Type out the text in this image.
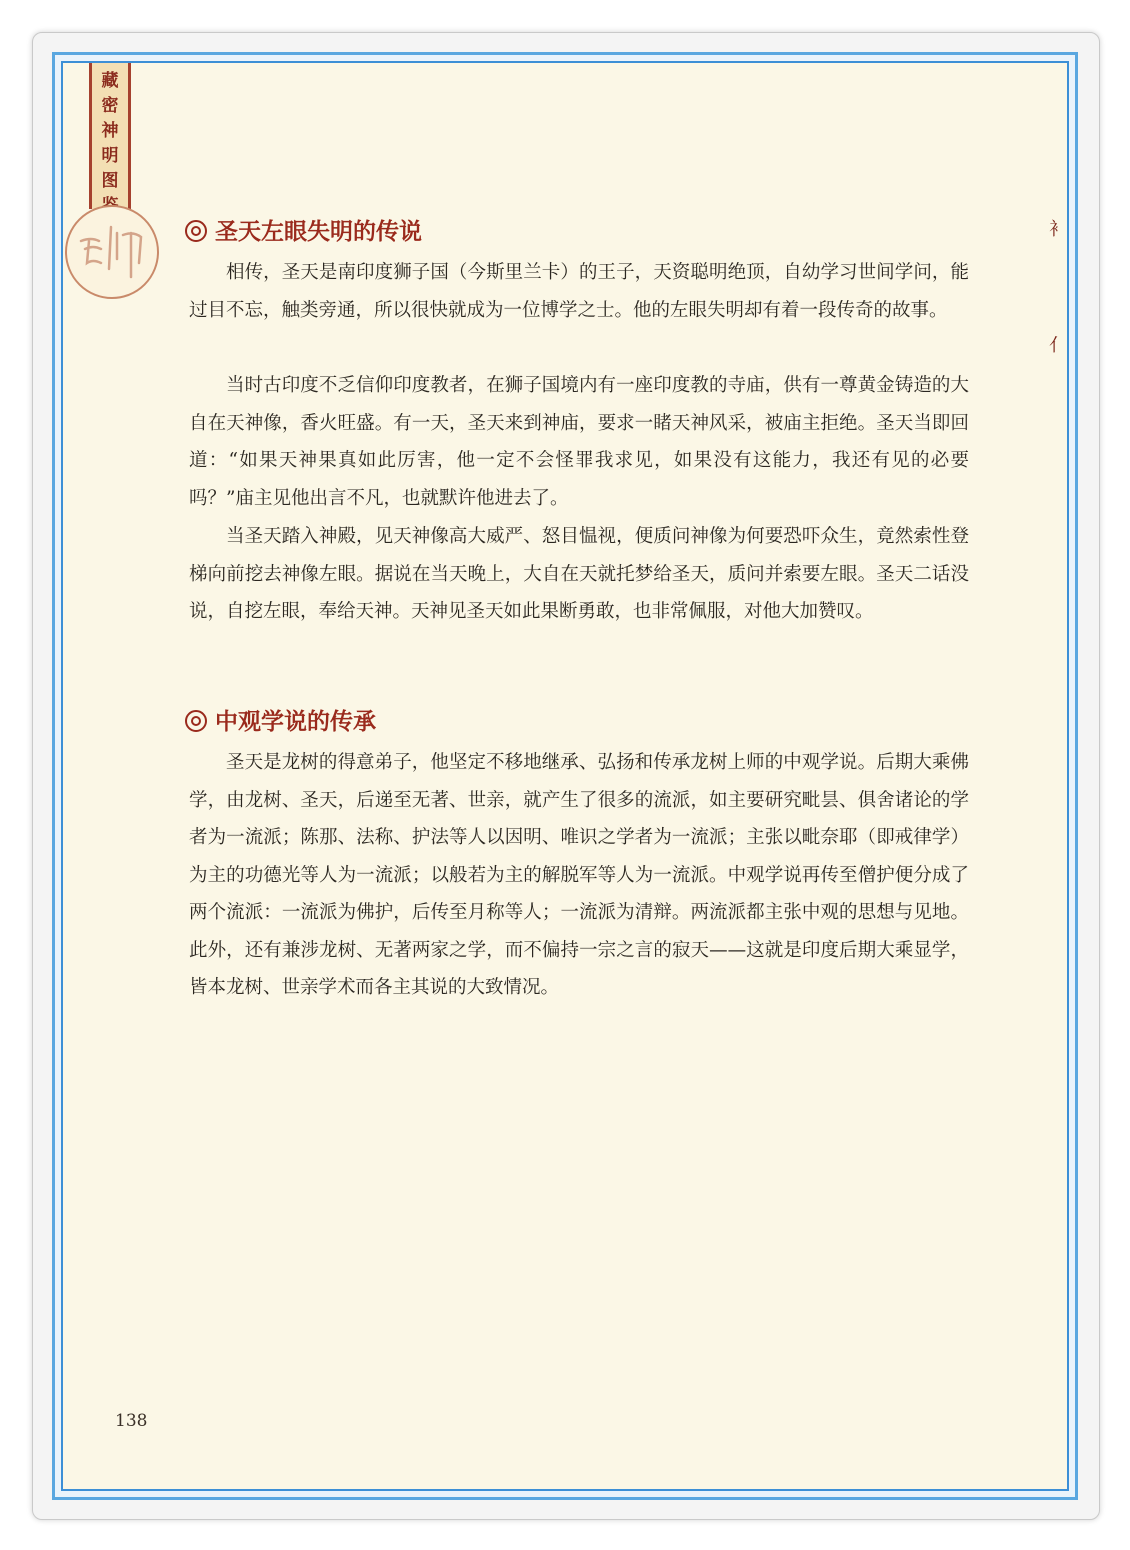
藏
密
神
明
图
圣天左眼失明的传说

相传，圣天是南印度狮子国（今斯里兰卡）的王子，天资聪明绝顶，自幼学习世间学问，能过目不忘，触类旁通，所以很快就成为一位博学之士。他的左眼失明却有着一段传奇的故事。

当时古印度不乏信仰印度教者，在狮子国境内有一座印度教的寺庙，供有一尊黄金铸造的大自在天神像，香火旺盛。有一天，圣天来到神庙，要求一睹天神风采，被庙主拒绝。圣天当即回道：“如果天神果真如此厉害，他一定不会怪罪我求见，如果没有这能力，我还有见的必要吗？”庙主见他出言不凡，也就默许他进去了。

当圣天踏入神殿，见天神像高大威严、怒目愠视，便质问神像为何要恐吓众生，竟然索性登梯向前挖去神像左眼。据说在当天晚上，大自在天就托梦给圣天，质问并索要左眼。圣天二话没说，自挖左眼，奉给天神。天神见圣天如此果断勇敢，也非常佩服，对他大加赞叹。

中观学说的传承

圣天是龙树的得意弟子，他坚定不移地继承、弘扬和传承龙树上师的中观学说。后期大乘佛学，由龙树、圣天，后递至无著、世亲，就产生了很多的流派，如主要研究毗昙、俱舍诸论的学者为一流派；陈那、法称、护法等人以因明、唯识之学者为一流派；主张以毗奈耶（即戒律学）为主的功德光等人为一流派；以般若为主的解脱军等人为一流派。中观学说再传至僧护便分成了两个流派：一流派为佛护，后传至月称等人；一流派为清辩。两流派都主张中观的思想与见地。此外，还有兼涉龙树、无著两家之学，而不偏持一宗之言的寂天——这就是印度后期大乘显学，皆本龙树、世亲学术而各主其说的大致情况。

衤
亻
138
